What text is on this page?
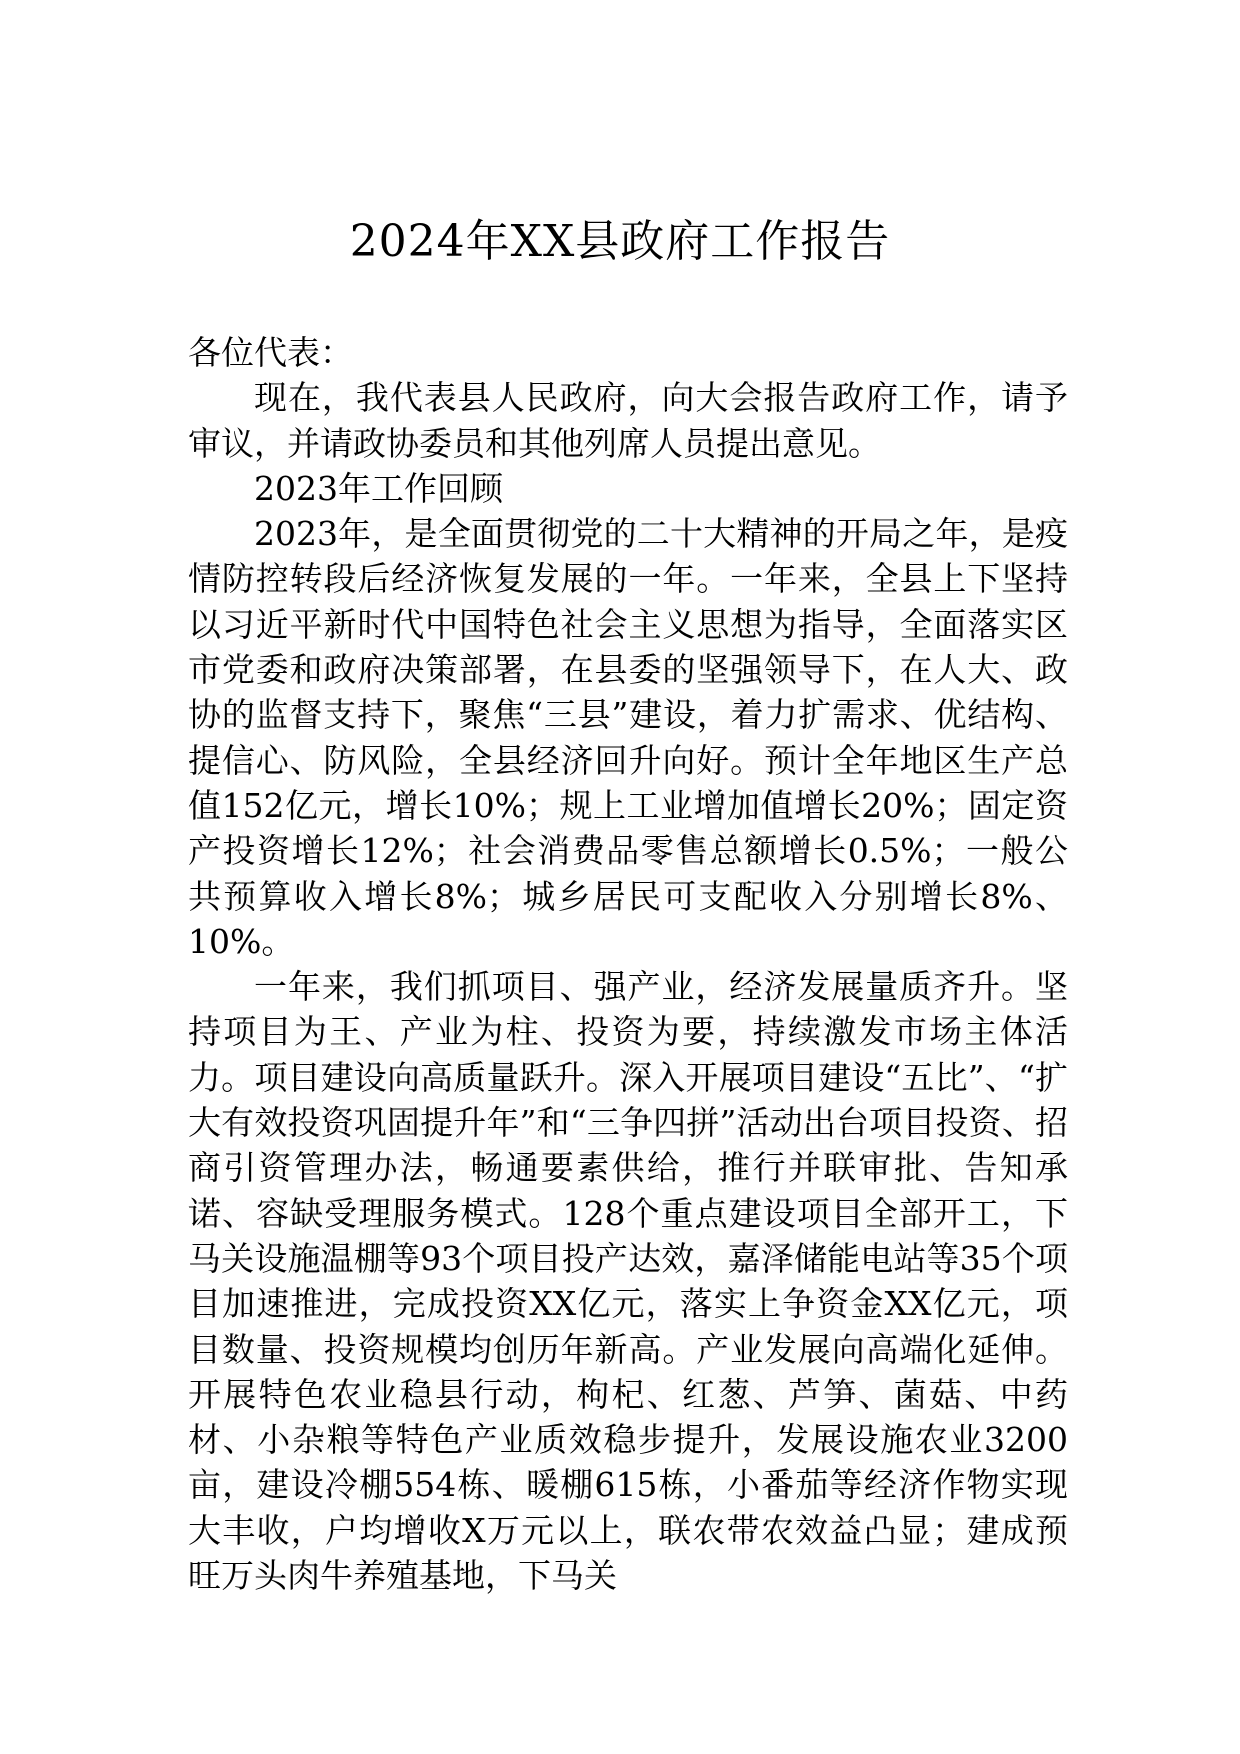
2024年XX县政府工作报告

各位代表：

现在，我代表县人民政府，向大会报告政府工作，请予审议，并请政协委员和其他列席人员提出意见。

2023年工作回顾

2023年，是全面贯彻党的二十大精神的开局之年，是疫情防控转段后经济恢复发展的一年。一年来，全县上下坚持以习近平新时代中国特色社会主义思想为指导，全面落实区市党委和政府决策部署，在县委的坚强领导下，在人大、政协的监督支持下，聚焦“三县”建设，着力扩需求、优结构、提信心、防风险，全县经济回升向好。预计全年地区生产总值152亿元，增长10%；规上工业增加值增长20%；固定资产投资增长12%；社会消费品零售总额增长0.5%；一般公共预算收入增长8%；城乡居民可支配收入分别增长8%、10%。

一年来，我们抓项目、强产业，经济发展量质齐升。坚持项目为王、产业为柱、投资为要，持续激发市场主体活力。项目建设向高质量跃升。深入开展项目建设“五比”、“扩大有效投资巩固提升年”和“三争四拼”活动出台项目投资、招商引资管理办法，畅通要素供给，推行并联审批、告知承诺、容缺受理服务模式。128个重点建设项目全部开工，下马关设施温棚等93个项目投产达效，嘉泽储能电站等35个项目加速推进，完成投资XX亿元，落实上争资金XX亿元，项目数量、投资规模均创历年新高。产业发展向高端化延伸。开展特色农业稳县行动，枸杞、红葱、芦笋、菌菇、中药材、小杂粮等特色产业质效稳步提升，发展设施农业3200亩，建设冷棚554栋、暖棚615栋，小番茄等经济作物实现大丰收，户均增收X万元以上，联农带农效益凸显；建成预旺万头肉牛养殖基地，下马关
